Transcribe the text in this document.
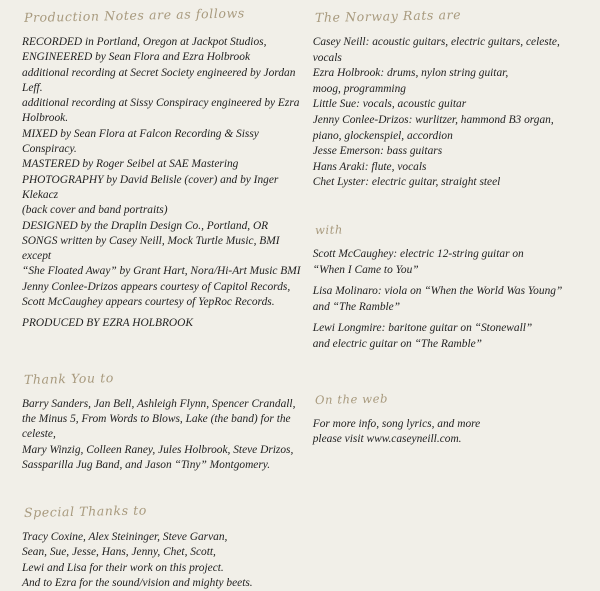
Production Notes are as follows
RECORDED in Portland, Oregon at Jackpot Studios,
ENGINEERED by Sean Flora and Ezra Holbrook
additional recording at Secret Society engineered by Jordan Leff.
additional recording at Sissy Conspiracy engineered by Ezra Holbrook.
MIXED by Sean Flora at Falcon Recording & Sissy Conspiracy.
MASTERED by Roger Seibel at SAE Mastering
PHOTOGRAPHY by David Belisle (cover) and by Inger Klekacz
(back cover and band portraits)
DESIGNED by the Draplin Design Co., Portland, OR
SONGS written by Casey Neill, Mock Turtle Music, BMI except
“She Floated Away” by Grant Hart, Nora/Hi-Art Music BMI
Jenny Conlee-Drizos appears courtesy of Capitol Records,
Scott McCaughey appears courtesy of YepRoc Records.
PRODUCED BY EZRA HOLBROOK
Thank You to
Barry Sanders, Jan Bell, Ashleigh Flynn, Spencer Crandall,
the Minus 5, From Words to Blows, Lake (the band) for the celeste,
Mary Winzig, Colleen Raney, Jules Holbrook, Steve Drizos,
Sassparilla Jug Band, and Jason “Tiny” Montgomery.
Special Thanks to
Tracy Coxine, Alex Steininger, Steve Garvan,
Sean, Sue, Jesse, Hans, Jenny, Chet, Scott,
Lewi and Lisa for their work on this project.
And to Ezra for the sound/vision and mighty beets.
The Norway Rats are
Casey Neill: acoustic guitars, electric guitars, celeste, vocals
Ezra Holbrook: drums, nylon string guitar,
moog, programming
Little Sue: vocals, acoustic guitar
Jenny Conlee-Drizos: wurlitzer, hammond B3 organ,
piano, glockenspiel, accordion
Jesse Emerson: bass guitars
Hans Araki: flute, vocals
Chet Lyster: electric guitar, straight steel
with
Scott McCaughey: electric 12-string guitar on
“When I Came to You”
Lisa Molinaro: viola on “When the World Was Young”
and “The Ramble”
Lewi Longmire: baritone guitar on “Stonewall”
and electric guitar on “The Ramble”
On the web
For more info, song lyrics, and more
please visit www.caseyneill.com.
